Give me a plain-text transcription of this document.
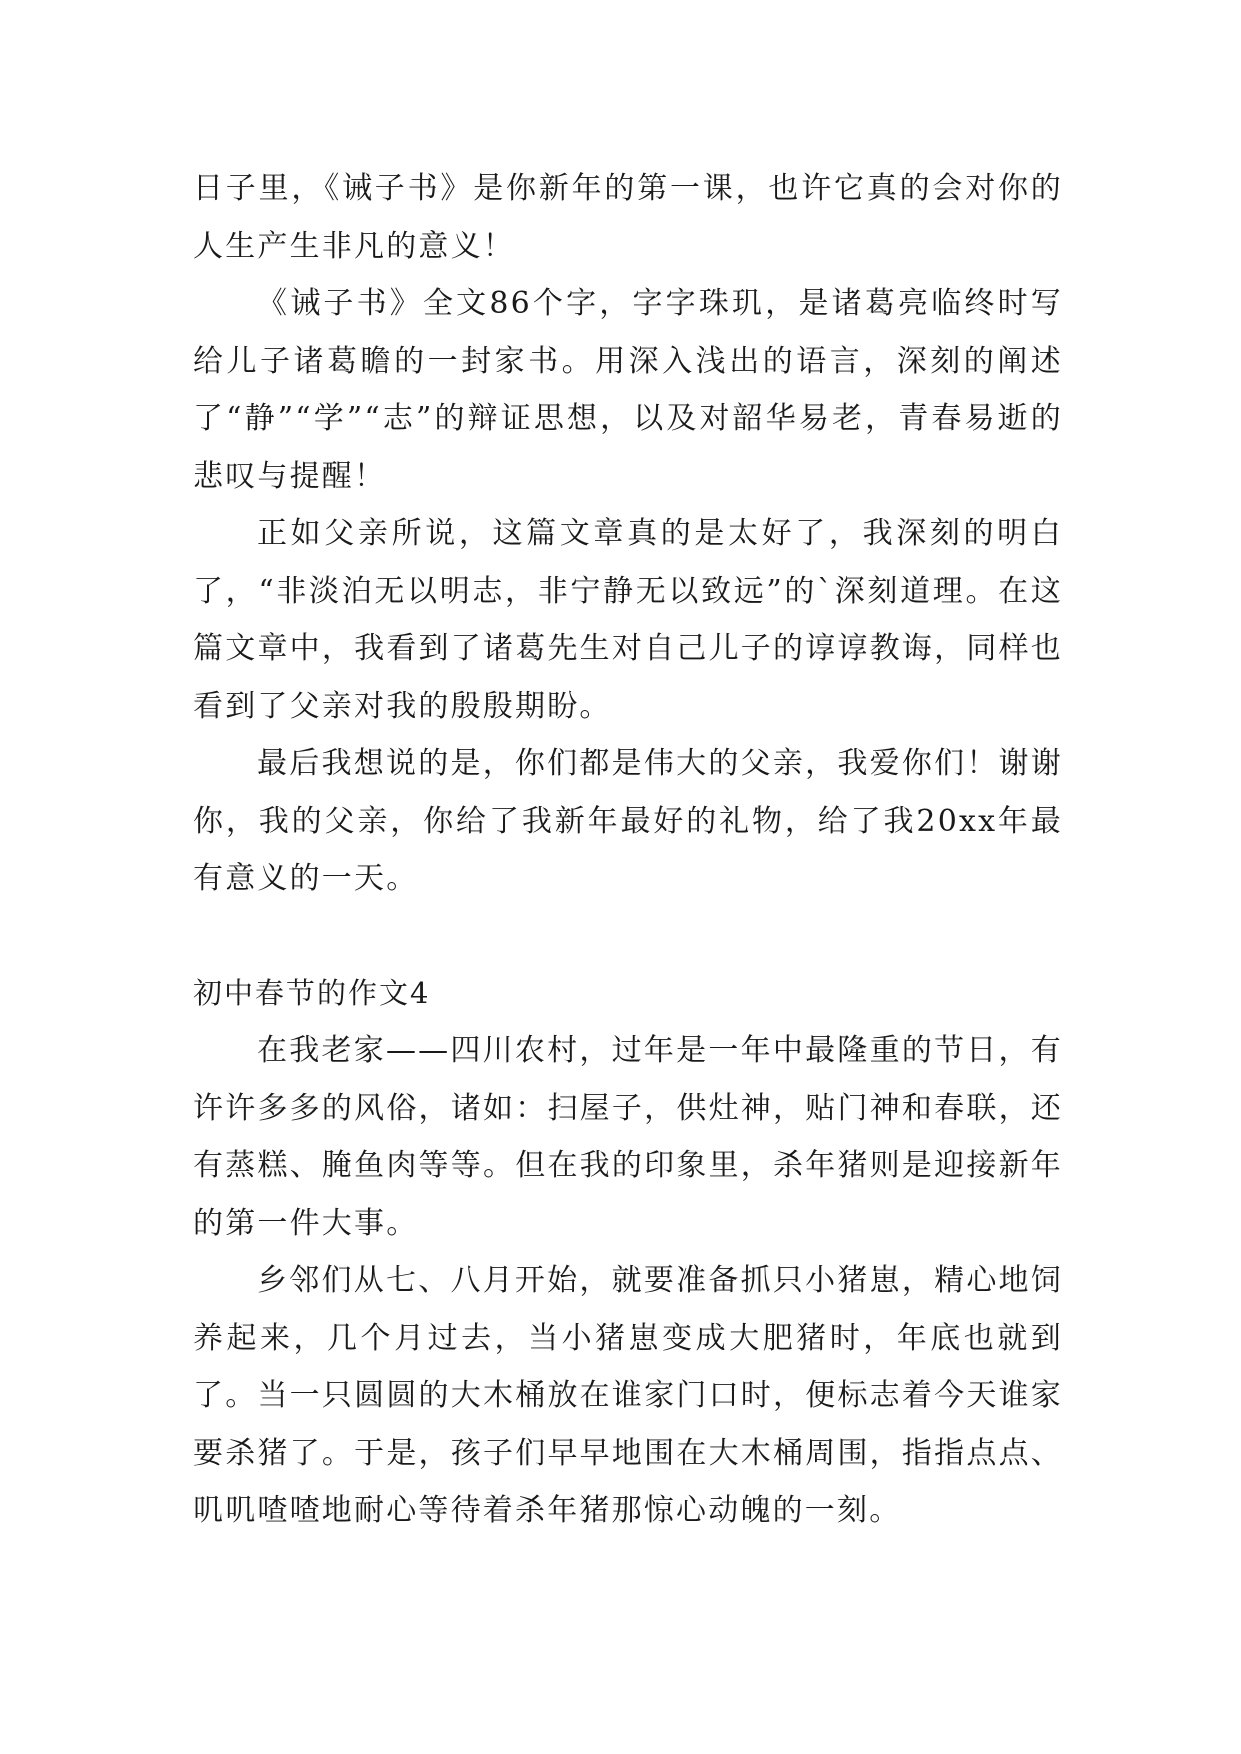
日子里，《诫子书》是你新年的第一课，也许它真的会对你的人生产生非凡的意义！

《诫子书》全文86个字，字字珠玑，是诸葛亮临终时写给儿子诸葛瞻的一封家书。用深入浅出的语言，深刻的阐述了“静”“学”“志”的辩证思想，以及对韶华易老，青春易逝的悲叹与提醒！

正如父亲所说，这篇文章真的是太好了，我深刻的明白了，“非淡泊无以明志，非宁静无以致远”的`深刻道理。在这篇文章中，我看到了诸葛先生对自己儿子的谆谆教诲，同样也看到了父亲对我的殷殷期盼。

最后我想说的是，你们都是伟大的父亲，我爱你们！谢谢你，我的父亲，你给了我新年最好的礼物，给了我20xx年最有意义的一天。

初中春节的作文4

在我老家——四川农村，过年是一年中最隆重的节日，有许许多多的风俗，诸如：扫屋子，供灶神，贴门神和春联，还有蒸糕、腌鱼肉等等。但在我的印象里，杀年猪则是迎接新年的第一件大事。

乡邻们从七、八月开始，就要准备抓只小猪崽，精心地饲养起来，几个月过去，当小猪崽变成大肥猪时，年底也就到了。当一只圆圆的大木桶放在谁家门口时，便标志着今天谁家要杀猪了。于是，孩子们早早地围在大木桶周围，指指点点、叽叽喳喳地耐心等待着杀年猪那惊心动魄的一刻。
